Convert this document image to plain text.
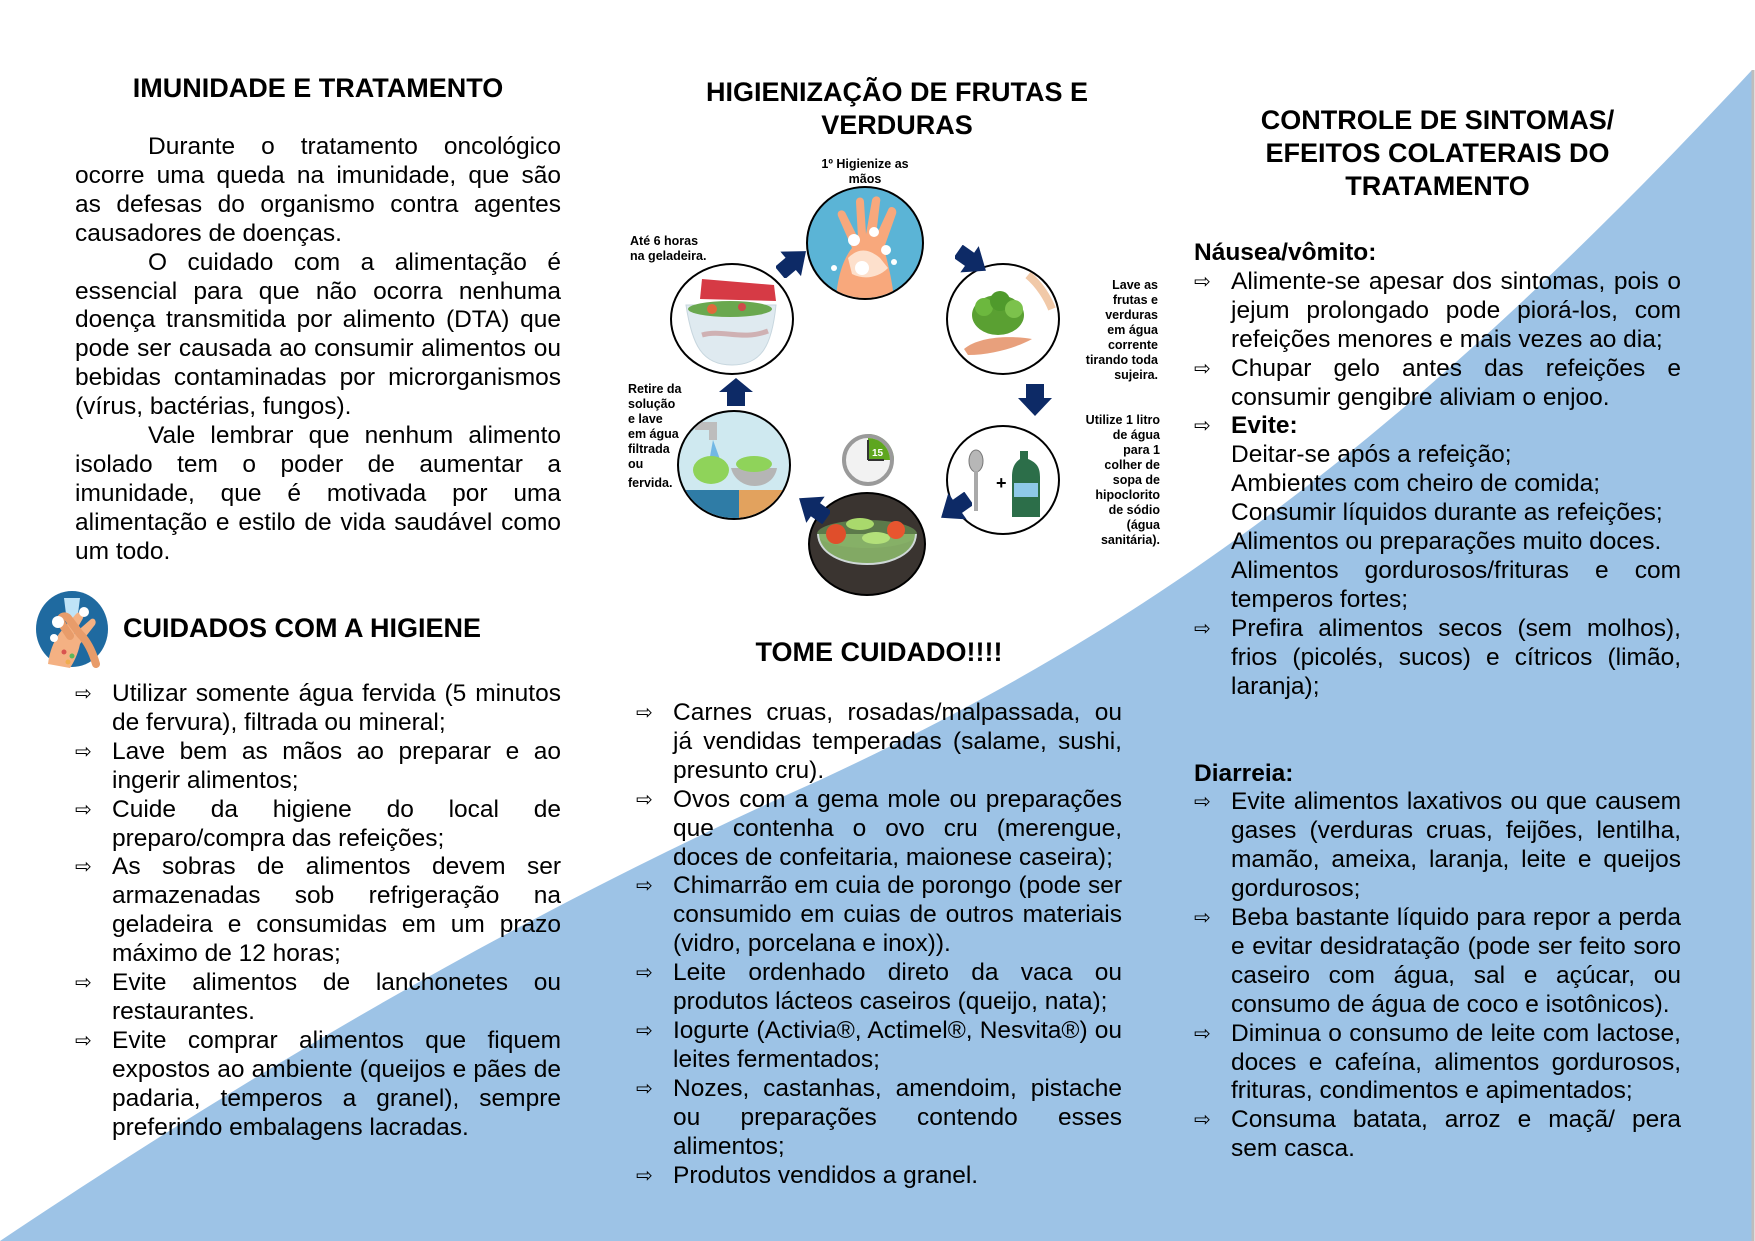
IMUNIDADE E TRATAMENTO

Durante o tratamento oncológico ocorre uma queda na imunidade, que são as defesas do organismo contra agentes causadores de doenças.

O cuidado com a alimentação é essencial para que não ocorra nenhuma doença transmitida por alimento (DTA) que pode ser causada ao consumir alimentos ou bebidas contaminadas por microrganismos (vírus, bactérias, fungos).

Vale lembrar que nenhum alimento isolado tem o poder de aumentar a imunidade, que é motivada por uma alimentação e estilo de vida saudável como um todo.

CUIDADOS COM A HIGIENE
⇨ Utilizar somente água fervida (5 minutos de fervura), filtrada ou mineral;
⇨ Lave bem as mãos ao preparar e ao ingerir alimentos;
⇨ Cuide da higiene do local de preparo/compra das refeições;
⇨ As sobras de alimentos devem ser armazenadas sob refrigeração na geladeira e consumidas em um prazo máximo de 12 horas;
⇨ Evite alimentos de lanchonetes ou restaurantes.
⇨ Evite comprar alimentos que fiquem expostos ao ambiente (queijos e pães de padaria, temperos a granel), sempre preferindo embalagens lacradas.
HIGIENIZAÇÃO DE FRUTAS E
VERDURAS
1º Higienize as
mãos
Lave as
frutas e
verduras
em água
corrente
tirando toda
sujeira.
+
Utilize 1 litro
de água
para 1
colher de
sopa de
hipoclorito
de sódio
(água
sanitária).
15
Retire da
solução
e lave
em água
filtrada
ou
fervida.
Até 6 horas
na geladeira.
TOME CUIDADO!!!!
⇨ Carnes cruas, rosadas/malpassada, ou já vendidas temperadas (salame, sushi, presunto cru).
⇨ Ovos com a gema mole ou preparações que contenha o ovo cru (merengue, doces de confeitaria, maionese caseira);
⇨ Chimarrão em cuia de porongo (pode ser consumido em cuias de outros materiais (vidro, porcelana e inox)).
⇨ Leite ordenhado direto da vaca ou produtos lácteos caseiros (queijo, nata);
⇨ Iogurte (Activia®, Actimel®, Nesvita®) ou leites fermentados;
⇨ Nozes, castanhas, amendoim, pistache ou preparações contendo esses alimentos;
⇨ Produtos vendidos a granel.
CONTROLE DE SINTOMAS/
EFEITOS COLATERAIS DO
TRATAMENTO
Náusea/vômito:
⇨ Alimente-se apesar dos sintomas, pois o jejum prolongado pode piorá-los, com refeições menores e mais vezes ao dia;
⇨ Chupar gelo antes das refeições e consumir gengibre aliviam o enjoo.
⇨ Evite:
Deitar-se após a refeição;
Ambientes com cheiro de comida;
Consumir líquidos durante as refeições;
Alimentos ou preparações muito doces.
Alimentos gordurosos/frituras e com temperos fortes;
⇨ Prefira alimentos secos (sem molhos), frios (picolés, sucos) e cítricos (limão, laranja);
Diarreia:
⇨ Evite alimentos laxativos ou que causem gases (verduras cruas, feijões, lentilha, mamão, ameixa, laranja, leite e queijos gordurosos;
⇨ Beba bastante líquido para repor a perda e evitar desidratação (pode ser feito soro caseiro com água, sal e açúcar, ou consumo de água de coco e isotônicos).
⇨ Diminua o consumo de leite com lactose, doces e cafeína, alimentos gordurosos, frituras, condimentos e apimentados;
⇨ Consuma batata, arroz e maçã/ pera sem casca.
